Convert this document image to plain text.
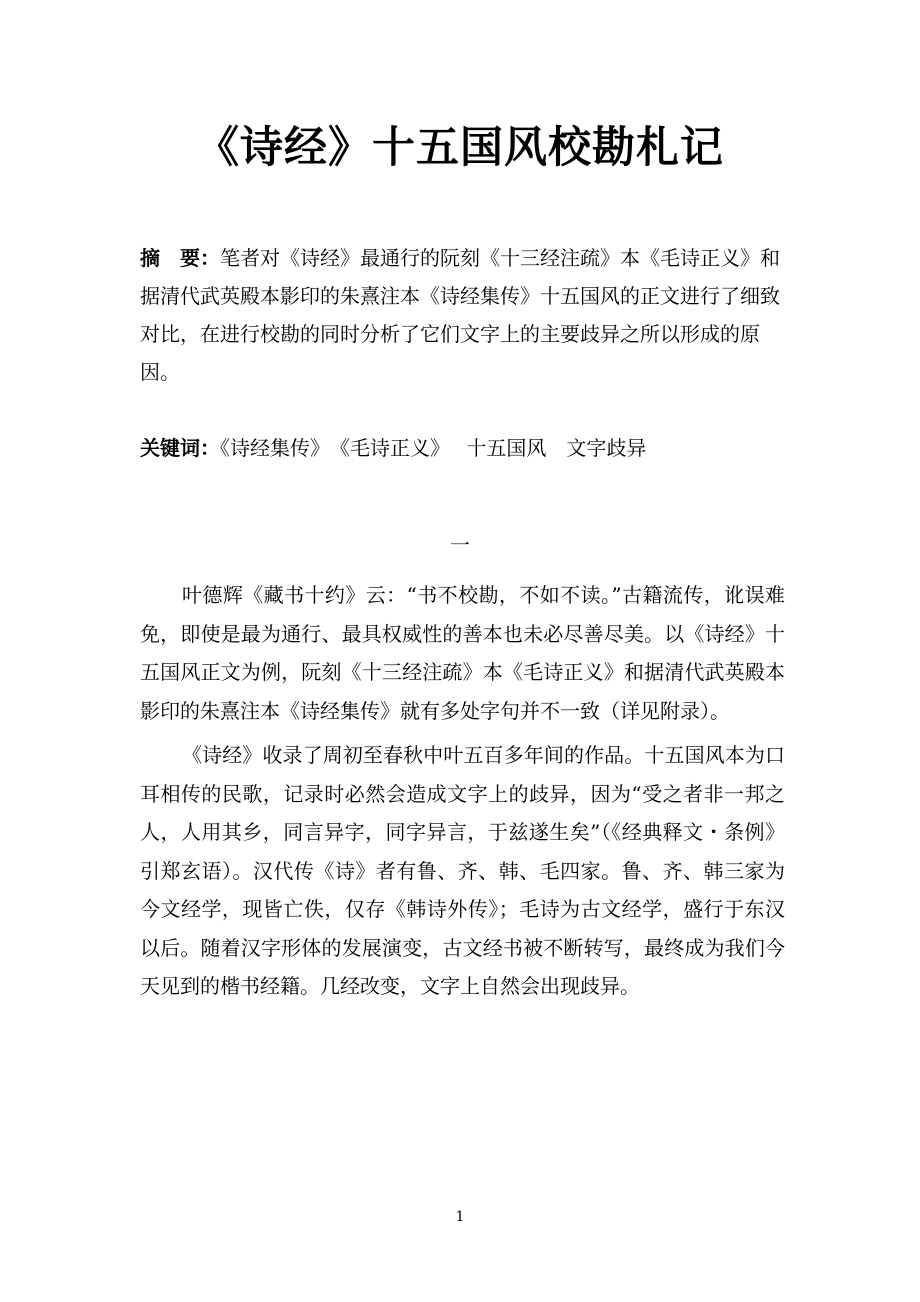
《诗经》十五国风校勘札记

摘　要：笔者对《诗经》最通行的阮刻《十三经注疏》本《毛诗正义》和据清代武英殿本影印的朱熹注本《诗经集传》十五国风的正文进行了细致对比，在进行校勘的同时分析了它们文字上的主要歧异之所以形成的原因。

关键词：《诗经集传》　《毛诗正义》　 十五国风　文字歧异

一

叶德辉《藏书十约》云：“书不校勘，不如不读。”古籍流传，讹误难免，即使是最为通行、最具权威性的善本也未必尽善尽美。以《诗经》十五国风正文为例，阮刻《十三经注疏》本《毛诗正义》和据清代武英殿本影印的朱熹注本《诗经集传》就有多处字句并不一致（详见附录）。

《诗经》收录了周初至春秋中叶五百多年间的作品。十五国风本为口耳相传的民歌，记录时必然会造成文字上的歧异，因为“受之者非一邦之人，人用其乡，同言异字，同字异言，于兹遂生矣”（《经典释文・条例》引郑玄语）。汉代传《诗》者有鲁、齐、韩、毛四家。鲁、齐、韩三家为今文经学，现皆亡佚，仅存《韩诗外传》；毛诗为古文经学，盛行于东汉以后。随着汉字形体的发展演变，古文经书被不断转写，最终成为我们今天见到的楷书经籍。几经改变，文字上自然会出现歧异。

1
